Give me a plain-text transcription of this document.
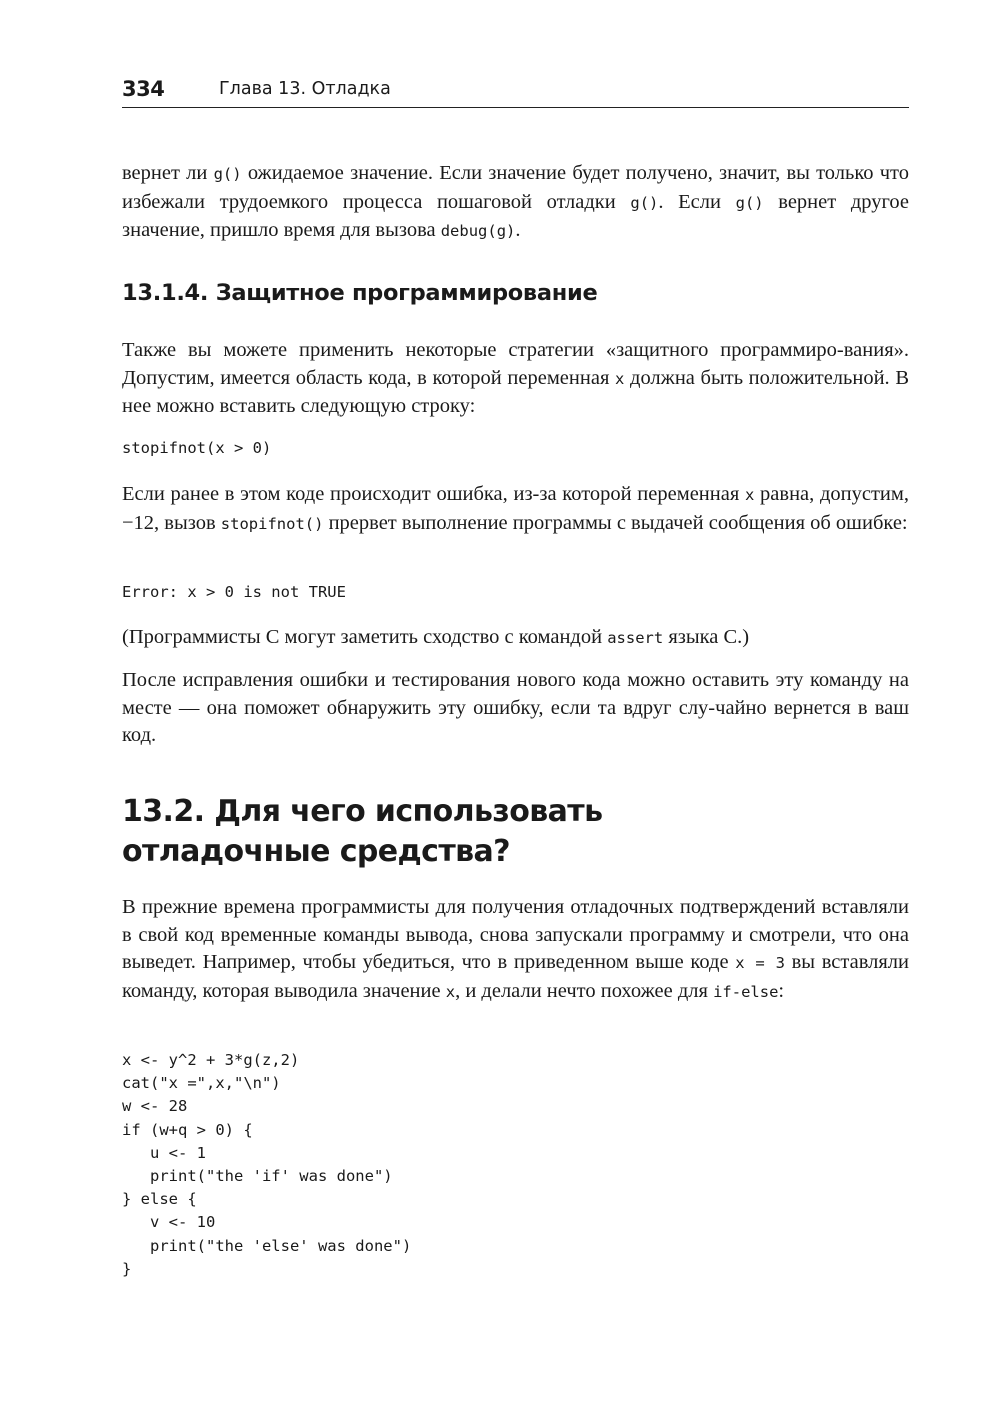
334	Глава 13. Отладка

вернет ли g() ожидаемое значение. Если значение будет получено, значит, вы только что избежали трудоемкого процесса пошаговой отладки g(). Если g() вернет другое значение, пришло время для вызова debug(g).

13.1.4. Защитное программирование

Также вы можете применить некоторые стратегии «защитного программиро-вания». Допустим, имеется область кода, в которой переменная x должна быть положительной. В нее можно вставить следующую строку:

stopifnot(x > 0)

Если ранее в этом коде происходит ошибка, из-за которой переменная x равна, допустим, −12, вызов stopifnot() прервет выполнение программы с выдачей сообщения об ошибке:

Error: x > 0 is not TRUE

(Программисты C могут заметить сходство с командой assert языка C.)

После исправления ошибки и тестирования нового кода можно оставить эту команду на месте — она поможет обнаружить эту ошибку, если та вдруг слу-чайно вернется в ваш код.

13.2. Для чего использовать
отладочные средства?

В прежние времена программисты для получения отладочных подтверждений вставляли в свой код временные команды вывода, снова запускали программу и смотрели, что она выведет. Например, чтобы убедиться, что в приведенном выше коде x = 3 вы вставляли команду, которая выводила значение x, и делали нечто похожее для if-else:

x <- y^2 + 3*g(z,2)
cat("x =",x,"\n")
w <- 28
if (w+q > 0) {
u <- 1
print("the 'if' was done")
} else {
v <- 10
print("the 'else' was done")
}
